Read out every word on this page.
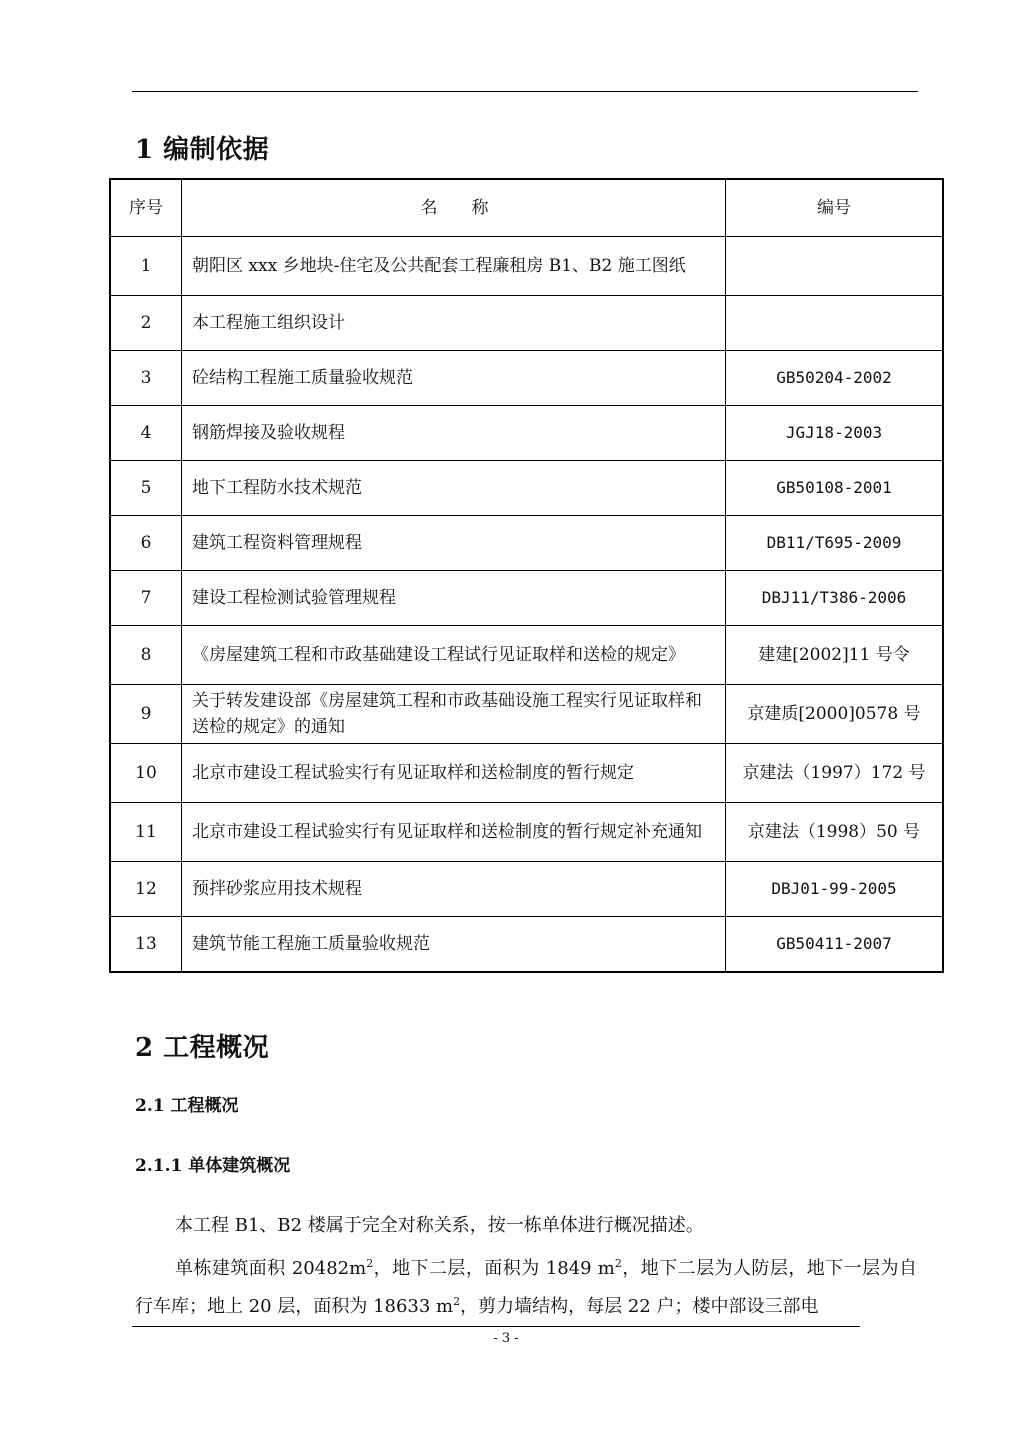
1 编制依据
序号	名　　称	编号
1	朝阳区 xxx 乡地块-住宅及公共配套工程廉租房 B1、B2 施工图纸	
2	本工程施工组织设计	
3	砼结构工程施工质量验收规范	GB50204-2002
4	钢筋焊接及验收规程	JGJ18-2003
5	地下工程防水技术规范	GB50108-2001
6	建筑工程资料管理规程	DB11/T695-2009
7	建设工程检测试验管理规程	DBJ11/T386-2006
8	《房屋建筑工程和市政基础建设工程试行见证取样和送检的规定》	建建[2002]11 号令
9	关于转发建设部《房屋建筑工程和市政基础设施工程实行见证取样和送检的规定》的通知	京建质[2000]0578 号
10	北京市建设工程试验实行有见证取样和送检制度的暂行规定	京建法（1997）172 号
11	北京市建设工程试验实行有见证取样和送检制度的暂行规定补充通知	京建法（1998）50 号
12	预拌砂浆应用技术规程	DBJ01-99-2005
13	建筑节能工程施工质量验收规范	GB50411-2007
2 工程概况
2.1 工程概况
2.1.1 单体建筑概况
本工程 B1、B2 楼属于完全对称关系，按一栋单体进行概况描述。
单栋建筑面积 $20482m^2$，地下二层，面积为 1849 $m^2$，地下二层为人防层，地下一层为自行车库；地上 20 层，面积为 18633 $m^2$，剪力墙结构，每层 22 户；楼中部设三部电
- 3 -
